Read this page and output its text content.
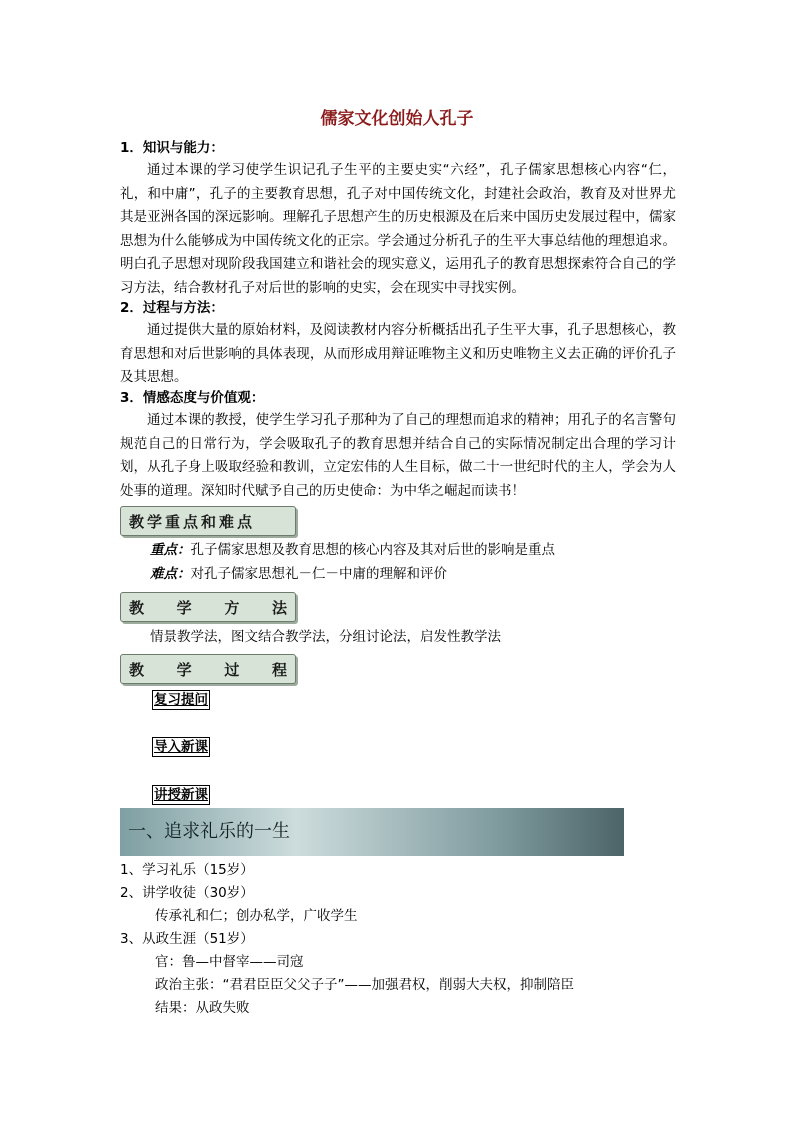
儒家文化创始人孔子
1．知识与能力：

通过本课的学习使学生识记孔子生平的主要史实“六经”，孔子儒家思想核心内容“仁，礼，和中庸”，孔子的主要教育思想，孔子对中国传统文化，封建社会政治，教育及对世界尤其是亚洲各国的深远影响。理解孔子思想产生的历史根源及在后来中国历史发展过程中，儒家思想为什么能够成为中国传统文化的正宗。学会通过分析孔子的生平大事总结他的理想追求。明白孔子思想对现阶段我国建立和谐社会的现实意义，运用孔子的教育思想探索符合自己的学习方法，结合教材孔子对后世的影响的史实，会在现实中寻找实例。

2．过程与方法：

通过提供大量的原始材料，及阅读教材内容分析概括出孔子生平大事，孔子思想核心，教育思想和对后世影响的具体表现，从而形成用辩证唯物主义和历史唯物主义去正确的评价孔子及其思想。

3．情感态度与价值观：

通过本课的教授，使学生学习孔子那种为了自己的理想而追求的精神；用孔子的名言警句规范自己的日常行为，学会吸取孔子的教育思想并结合自己的实际情况制定出合理的学习计划，从孔子身上吸取经验和教训，立定宏伟的人生目标，做二十一世纪时代的主人，学会为人处事的道理。深知时代赋予自己的历史使命：为中华之崛起而读书！

教学重点和难点
重点：孔子儒家思想及教育思想的核心内容及其对后世的影响是重点
难点：对孔子儒家思想礼－仁－中庸的理解和评价
教 学 方 法
情景教学法，图文结合教学法，分组讨论法，启发性教学法
教 学 过 程
复习提问
导入新课
讲授新课
一、追求礼乐的一生
1、学习礼乐（15岁）
2、讲学收徒（30岁）
传承礼和仁；创办私学，广收学生
3、从政生涯（51岁）
官：鲁—中督宰——司寇
政治主张：“君君臣臣父父子子”——加强君权，削弱大夫权，抑制陪臣
结果：从政失败
